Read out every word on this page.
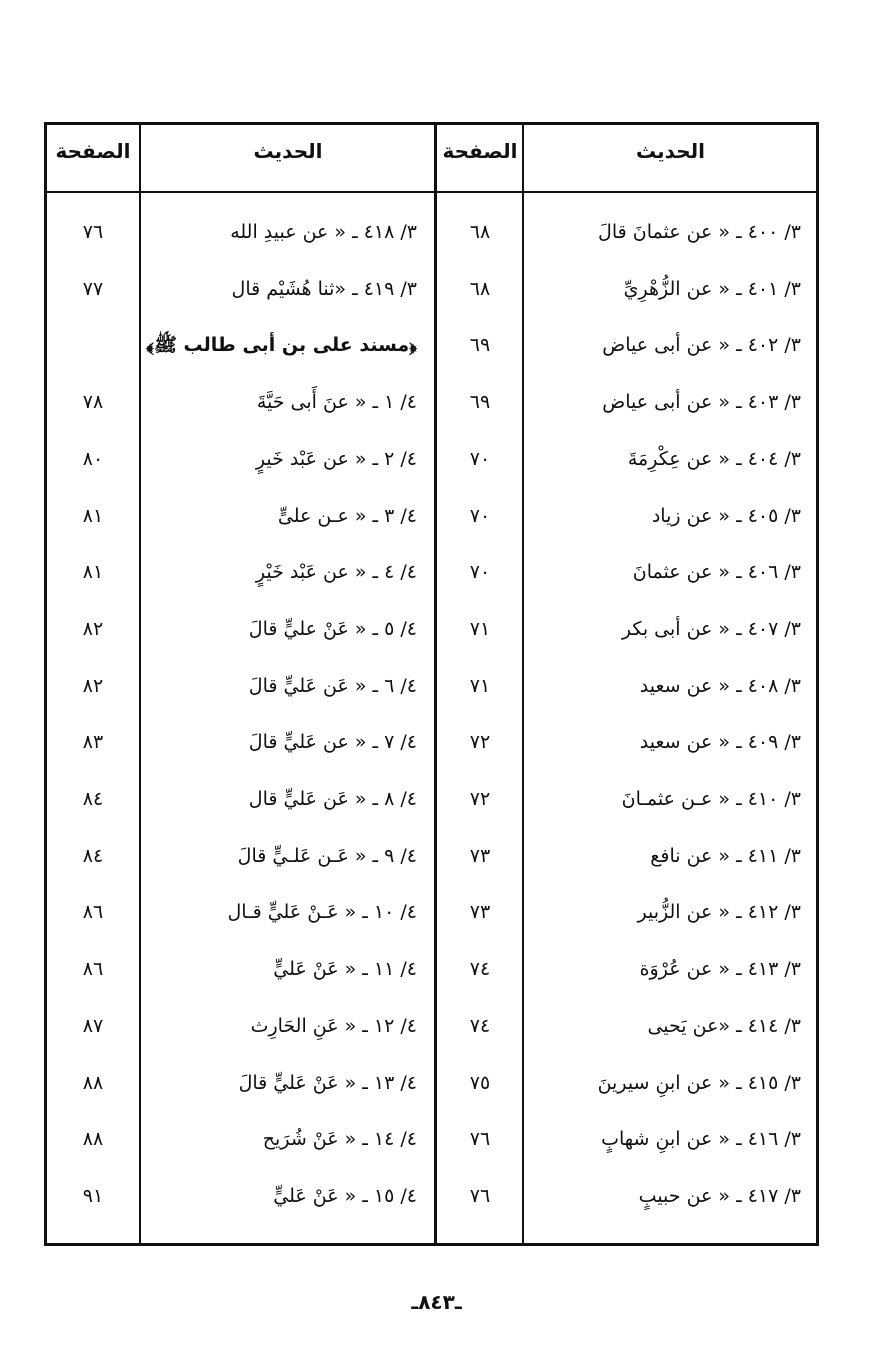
الحديث
الصفحة
الحديث
الصفحة
٣/ ٤٠٠ ـ « عن عثمانَ قالَ
٦٨
٣/ ٤٠١ ـ « عن الزُّهْرِيِّ
٦٨
٣/ ٤٠٢ ـ « عن أبى عياض
٦٩
٣/ ٤٠٣ ـ « عن أبى عياض
٦٩
٣/ ٤٠٤ ـ « عن عِكْرِمَةَ
٧٠
٣/ ٤٠٥ ـ « عن زياد
٧٠
٣/ ٤٠٦ ـ « عن عثمانَ
٧٠
٣/ ٤٠٧ ـ « عن أبى بكر
٧١
٣/ ٤٠٨ ـ « عن سعيد
٧١
٣/ ٤٠٩ ـ « عن سعيد
٧٢
٣/ ٤١٠ ـ « عـن عثمـانَ
٧٢
٣/ ٤١١ ـ « عن نافع
٧٣
٣/ ٤١٢ ـ « عن الزُّبير
٧٣
٣/ ٤١٣ ـ « عن عُرْوَة
٧٤
٣/ ٤١٤ ـ «عن يَحيى
٧٤
٣/ ٤١٥ ـ « عن ابنِ سيرينَ
٧٥
٣/ ٤١٦ ـ « عن ابنِ شهابٍ
٧٦
٣/ ٤١٧ ـ « عن حبيبٍ
٧٦
٣/ ٤١٨ ـ « عن عبيدِ الله
٧٦
٣/ ٤١٩ ـ «ثنا هُشَيْم قال
٧٧
﴿مسند على بن أبى طالب ﷺ﴾
٤/ ١ ـ « عنَ أَبى حَيَّةَ
٧٨
٤/ ٢ ـ « عن عَبْد خَيرٍ
٨٠
٤/ ٣ ـ « عـن علىٍّ
٨١
٤/ ٤ ـ « عن عَبْد خَيْرٍ
٨١
٤/ ٥ ـ « عَنْ عليٍّ قالَ
٨٢
٤/ ٦ ـ « عَن عَليٍّ قالَ
٨٢
٤/ ٧ ـ « عن عَليٍّ قالَ
٨٣
٤/ ٨ ـ « عَن عَليٍّ قال
٨٤
٤/ ٩ ـ « عَـن عَلـيٍّ قالَ
٨٤
٤/ ١٠ ـ « عَـنْ عَليٍّ قـال
٨٦
٤/ ١١ ـ « عَنْ عَليٍّ
٨٦
٤/ ١٢ ـ « عَنِ الحَارِث
٨٧
٤/ ١٣ ـ « عَنْ عَليٍّ قالَ
٨٨
٤/ ١٤ ـ « عَنْ شُرَيح
٨٨
٤/ ١٥ ـ « عَنْ عَليٍّ
٩١
ـ٨٤٣ـ
